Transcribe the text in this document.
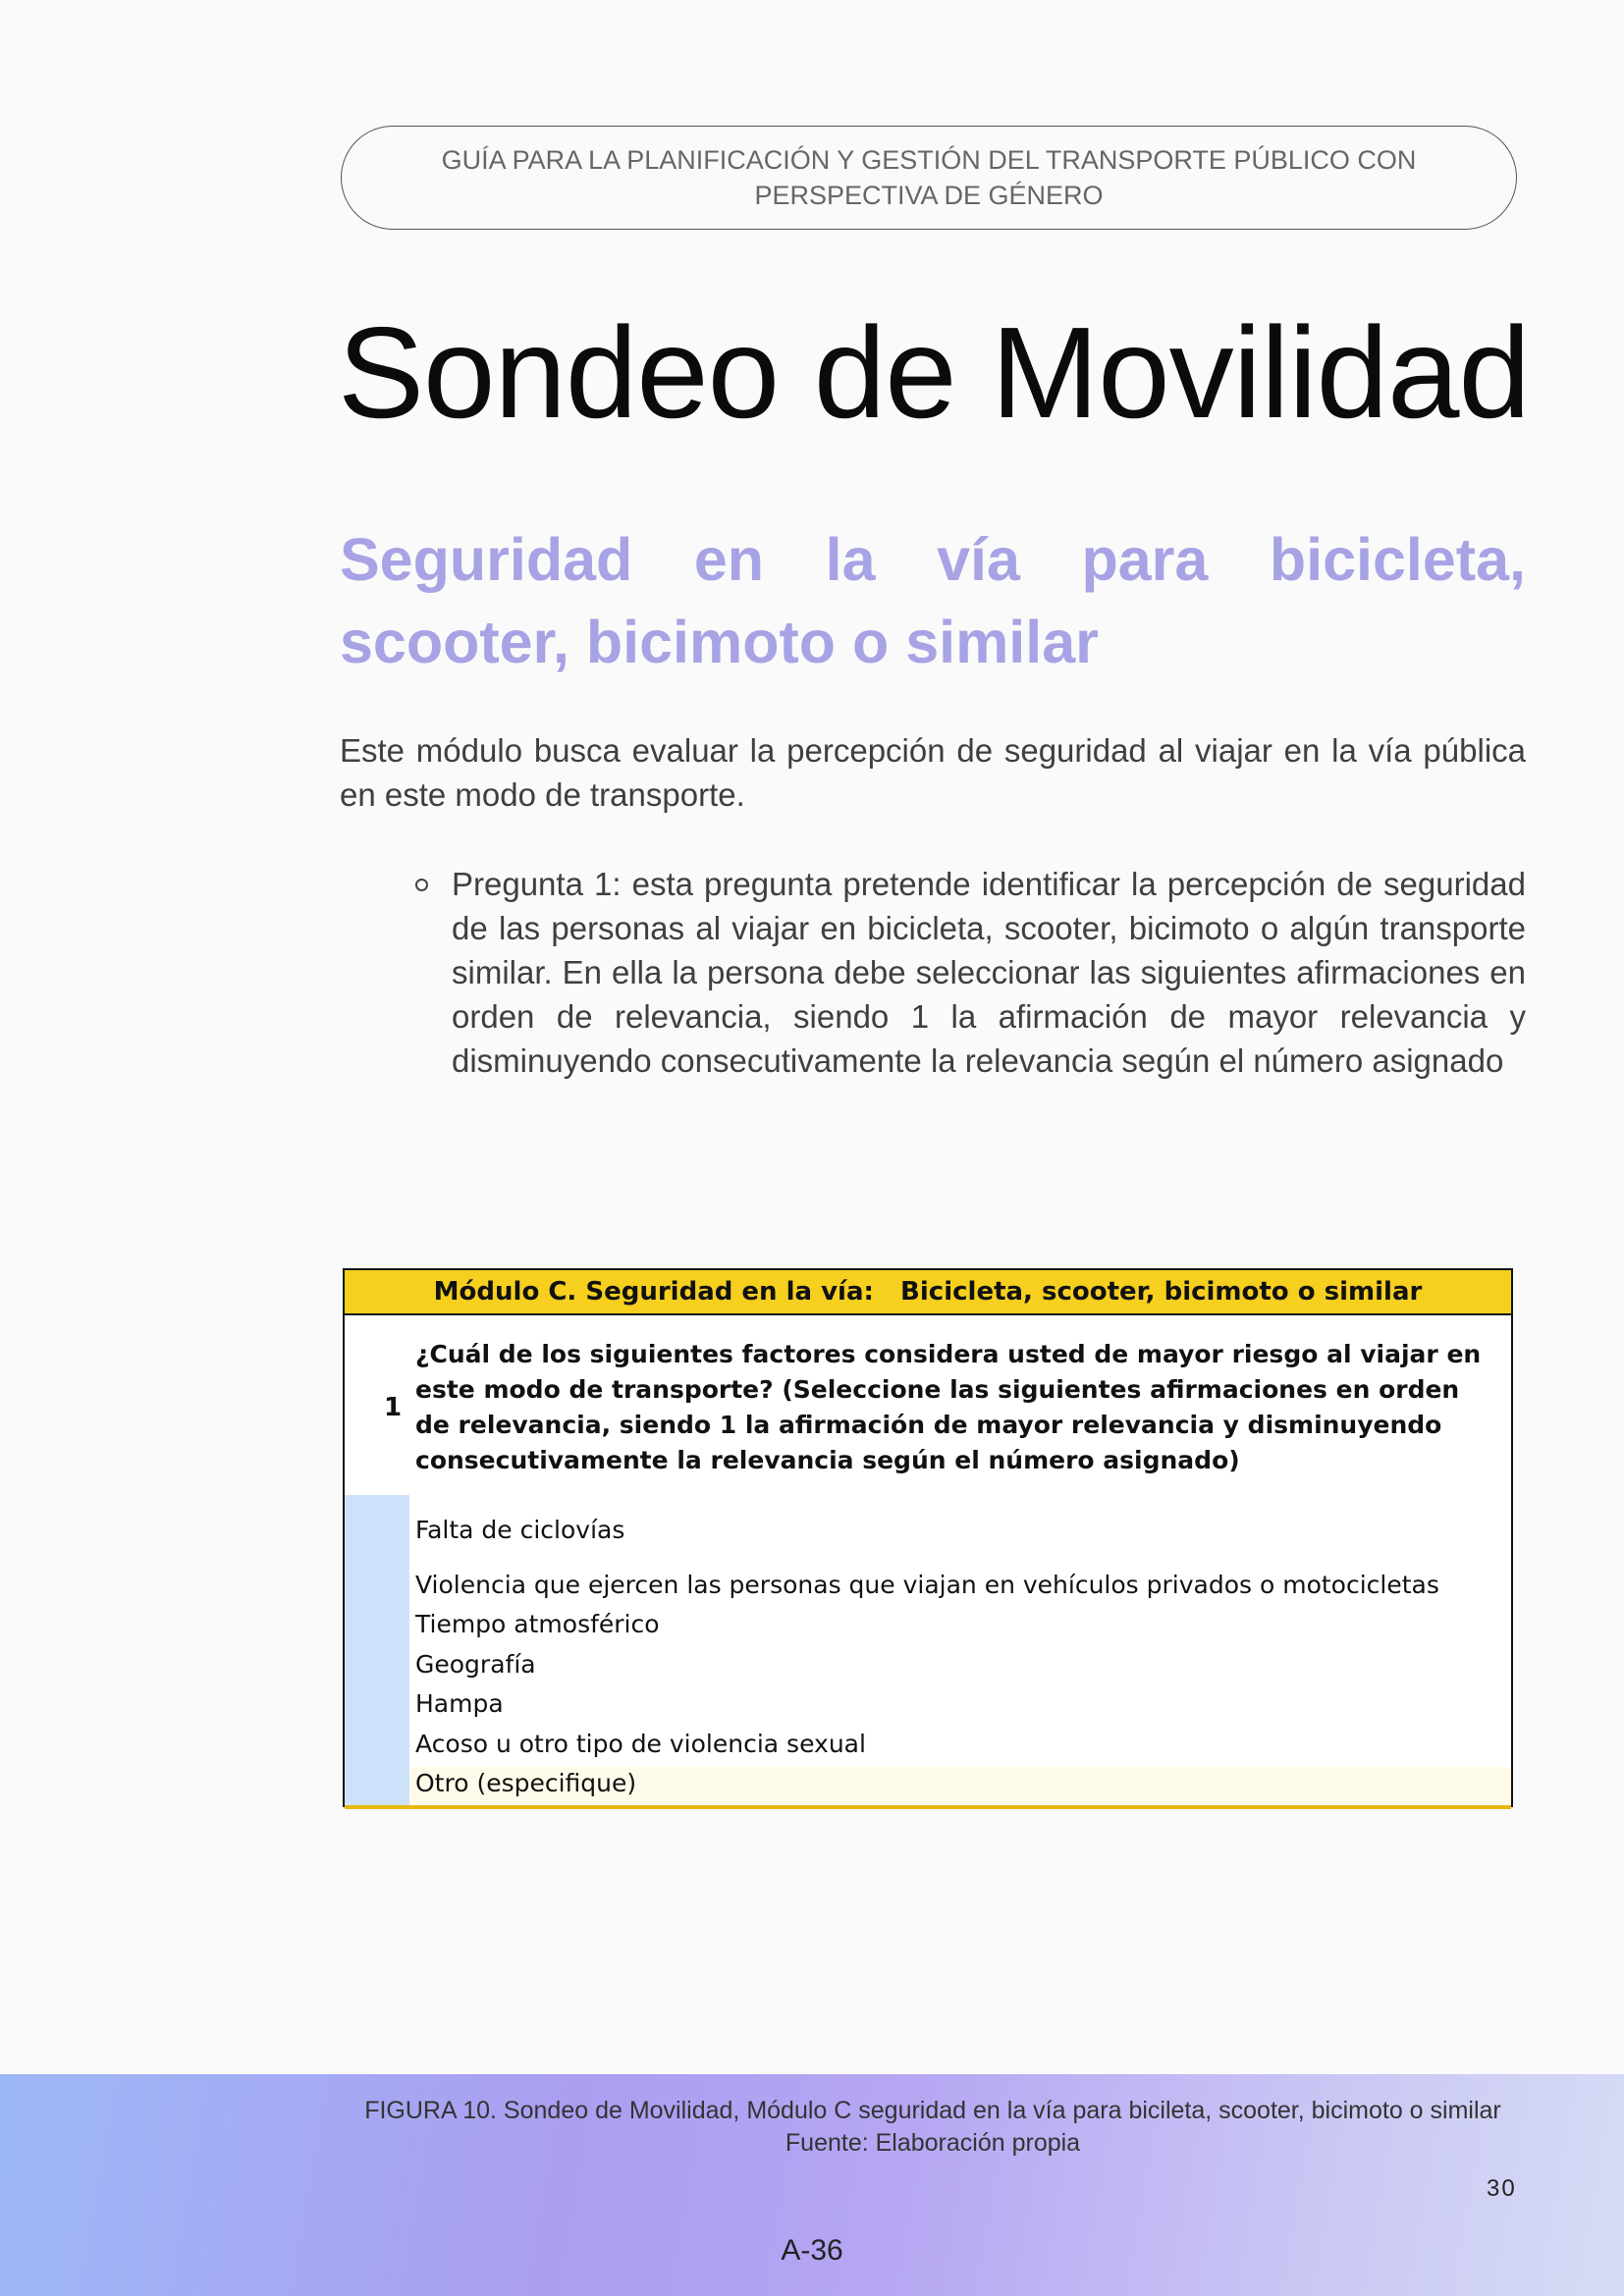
GUÍA PARA LA PLANIFICACIÓN Y GESTIÓN DEL TRANSPORTE PÚBLICO CON PERSPECTIVA DE GÉNERO
Sondeo de Movilidad
Seguridad en la vía para bicicleta, scooter, bicimoto o similar

Este módulo busca evaluar la percepción de seguridad al viajar en la vía pública en este modo de transporte.

Pregunta 1: esta pregunta pretende identificar la percepción de seguridad de las personas al viajar en bicicleta, scooter, bicimoto o algún transporte similar. En ella la persona debe seleccionar las siguientes afirmaciones en orden de relevancia, siendo 1 la afirmación de mayor relevancia y disminuyendo consecutivamente la relevancia según el número asignado
Módulo C. Seguridad en la vía:   Bicicleta, scooter, bicimoto o similar
1
¿Cuál de los siguientes factores considera usted de mayor riesgo al viajar en este modo de transporte? (Seleccione las siguientes afirmaciones en orden de relevancia, siendo 1 la afirmación de mayor relevancia y disminuyendo consecutivamente la relevancia según el número asignado)
Falta de ciclovías
Violencia que ejercen las personas que viajan en vehículos privados o motocicletas
Tiempo atmosférico
Geografía
Hampa
Acoso u otro tipo de violencia sexual
Otro (especifique)
FIGURA 10. Sondeo de Movilidad, Módulo C seguridad en la vía para bicileta, scooter, bicimoto o similar
Fuente: Elaboración propia
30
A-36
